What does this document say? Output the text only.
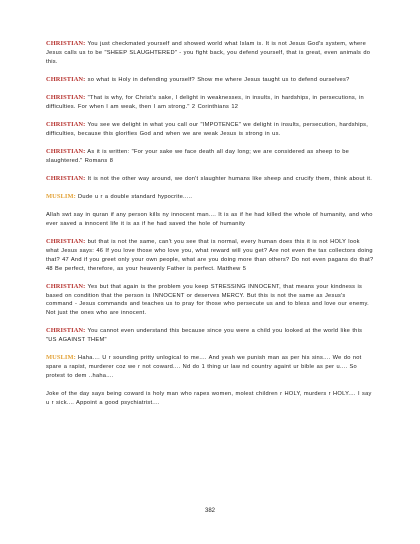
CHRISTIAN: You just checkmated yourself and showed world what Islam is. It is not Jesus God's system, where Jesus calls us to be "SHEEP SLAUGHTERED" - you fight back, you defend yourself, that is great, even animals do this.

CHRISTIAN: so what is Holy in defending yourself? Show me where Jesus taught us to defend ourselves?

CHRISTIAN: "That is why, for Christ's sake, I delight in weaknesses, in insults, in hardships, in persecutions, in difficulties. For when I am weak, then I am strong." 2 Corinthians 12

CHRISTIAN: You see we delight in what you call our "IMPOTENCE" we delight in insults, persecution, hardships, difficulties, because this glorifies God and when we are weak Jesus is strong in us.

CHRISTIAN: As it is written: "For your sake we face death all day long; we are considered as sheep to be slaughtered." Romans 8

CHRISTIAN: It is not the other way around, we don't slaughter humans like sheep and crucify them, think about it.

MUSLIM: Dude u r a double standard hypocrite.....

Allah swt say in quran if any person kills ny innocent man.... It is as if he had killed the whole of humanity, and who ever saved a innocent life it is as if he had saved the hole of humanity

CHRISTIAN: but that is not the same, can't you see that is normal, every human does this it is not HOLY look what Jesus says: 46 If you love those who love you, what reward will you get? Are not even the tax collectors doing that? 47 And if you greet only your own people, what are you doing more than others? Do not even pagans do that? 48 Be perfect, therefore, as your heavenly Father is perfect. Matthew 5

CHRISTIAN: Yes but that again is the problem you keep STRESSING INNOCENT, that means your kindness is based on condition that the person is INNOCENT or deserves MERCY. But this is not the same as Jesus's command - Jesus commands and teaches us to pray for those who persecute us and to bless and love our enemy. Not just the ones who are innocent.

CHRISTIAN: You cannot even understand this because since you were a child you looked at the world like this "US AGAINST THEM"

MUSLIM: Haha.... U r sounding pritty unlogical to me.... And yeah we punish man as per his sins.... We do not spare a rapist, murderer coz we r not coward.... Nd do 1 thing ur law nd country againt ur bible as per u.... So protest to dem ..haha....

Joke of the day says being coward is holy man who rapes women, molest children r HOLY, murders r HOLY.... I say u r sick.... Appoint a good psychiatrist....

382
